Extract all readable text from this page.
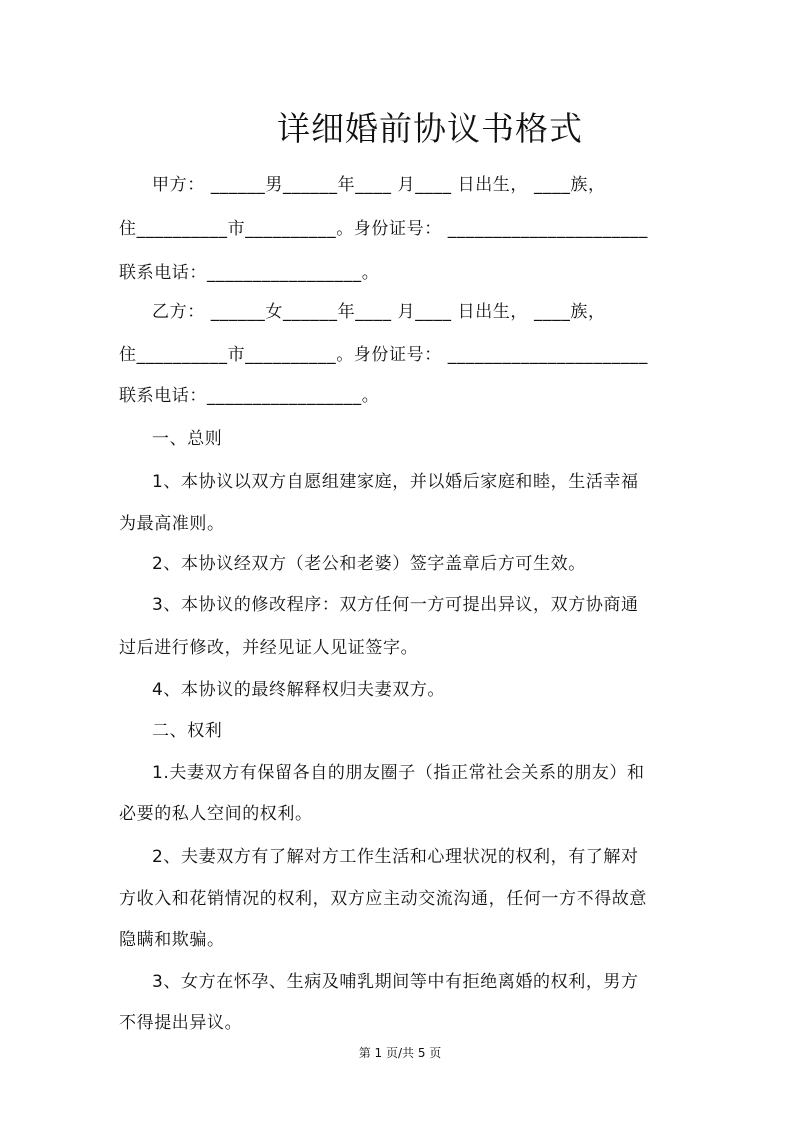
详细婚前协议书格式
甲方： ______男______年____ 月____ 日出生， ____族，
住__________市__________。身份证号： ______________________
联系电话：_________________。
乙方： ______女______年____ 月____ 日出生， ____族，
住__________市__________。身份证号： ______________________
联系电话：_________________。
一、总则
1、本协议以双方自愿组建家庭，并以婚后家庭和睦，生活幸福
为最高准则。
2、本协议经双方（老公和老婆）签字盖章后方可生效。
3、本协议的修改程序：双方任何一方可提出异议，双方协商通
过后进行修改，并经见证人见证签字。
4、本协议的最终解释权归夫妻双方。
二、权利
1.夫妻双方有保留各自的朋友圈子（指正常社会关系的朋友）和
必要的私人空间的权利。
2、夫妻双方有了解对方工作生活和心理状况的权利，有了解对
方收入和花销情况的权利，双方应主动交流沟通，任何一方不得故意
隐瞒和欺骗。
3、女方在怀孕、生病及哺乳期间等中有拒绝离婚的权利，男方
不得提出异议。
第 1 页/共 5 页
